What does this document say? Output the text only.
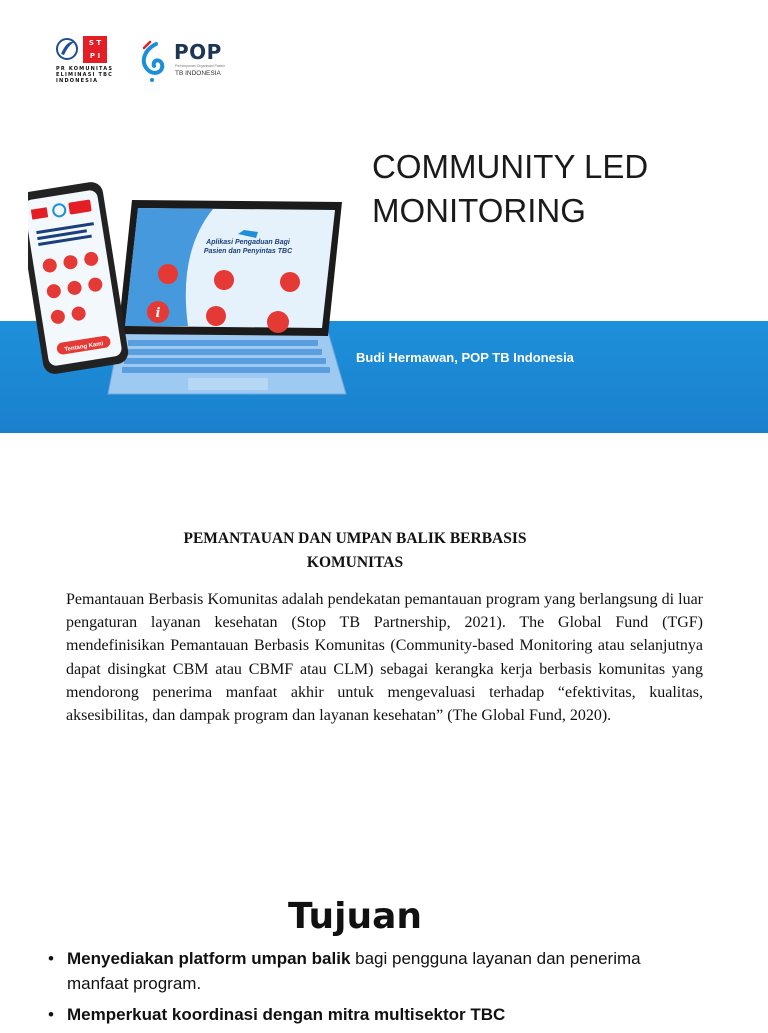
S T
P I
PR KOMUNITAS
ELIMINASI TBC
INDONESIA
POP
Perhimpunan Organisasi Pasien
TB INDONESIA
COMMUNITY LED
MONITORING
Budi Hermawan, POP TB Indonesia
Aplikasi Pengaduan Bagi
Pasien dan Penyintas TBC
i
Tentang Kami
PEMANTAUAN DAN UMPAN BALIK BERBASIS
KOMUNITAS
Pemantauan Berbasis Komunitas adalah pendekatan pemantauan program yang berlangsung di luar pengaturan layanan kesehatan (Stop TB Partnership, 2021). The Global Fund (TGF) mendefinisikan Pemantauan Berbasis Komunitas (Community-based Monitoring atau selanjutnya dapat disingkat CBM atau CBMF atau CLM) sebagai kerangka kerja berbasis komunitas yang mendorong penerima manfaat akhir untuk mengevaluasi terhadap “efektivitas, kualitas, aksesibilitas, dan dampak program dan layanan kesehatan” (The Global Fund, 2020).
Tujuan
• Menyediakan platform umpan balik bagi pengguna layanan dan penerima manfaat program.
• Memperkuat koordinasi dengan mitra multisektor TBC
